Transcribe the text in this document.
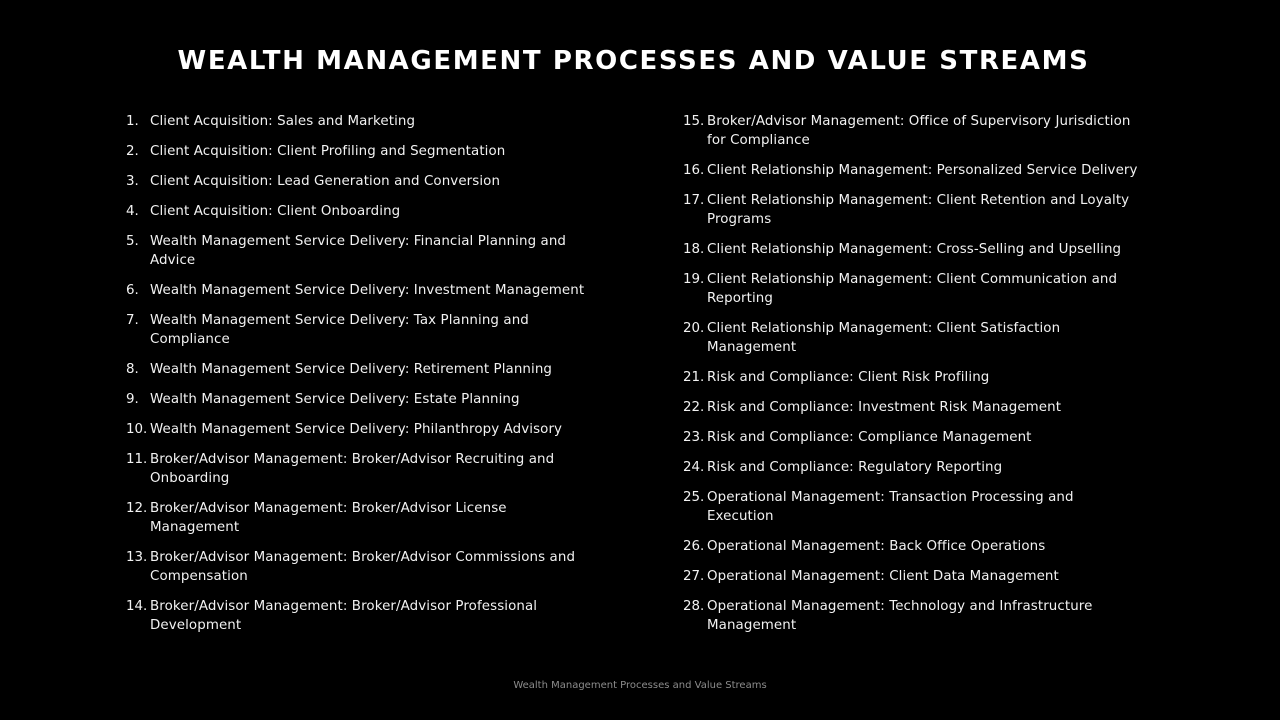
WEALTH MANAGEMENT PROCESSES AND VALUE STREAMS
1. Client Acquisition: Sales and Marketing
2. Client Acquisition: Client Profiling and Segmentation
3. Client Acquisition: Lead Generation and Conversion
4. Client Acquisition: Client Onboarding
5. Wealth Management Service Delivery: Financial Planning and Advice
6. Wealth Management Service Delivery: Investment Management
7. Wealth Management Service Delivery: Tax Planning and Compliance
8. Wealth Management Service Delivery: Retirement Planning
9. Wealth Management Service Delivery: Estate Planning
10. Wealth Management Service Delivery: Philanthropy Advisory
11. Broker/Advisor Management: Broker/Advisor Recruiting and Onboarding
12. Broker/Advisor Management: Broker/Advisor License Management
13. Broker/Advisor Management: Broker/Advisor Commissions and Compensation
14. Broker/Advisor Management: Broker/Advisor Professional Development
15. Broker/Advisor Management: Office of Supervisory Jurisdiction for Compliance
16. Client Relationship Management: Personalized Service Delivery
17. Client Relationship Management: Client Retention and Loyalty Programs
18. Client Relationship Management: Cross-Selling and Upselling
19. Client Relationship Management: Client Communication and Reporting
20. Client Relationship Management: Client Satisfaction Management
21. Risk and Compliance: Client Risk Profiling
22. Risk and Compliance: Investment Risk Management
23. Risk and Compliance: Compliance Management
24. Risk and Compliance: Regulatory Reporting
25. Operational Management: Transaction Processing and Execution
26. Operational Management: Back Office Operations
27. Operational Management: Client Data Management
28. Operational Management: Technology and Infrastructure Management
Wealth Management Processes and Value Streams
